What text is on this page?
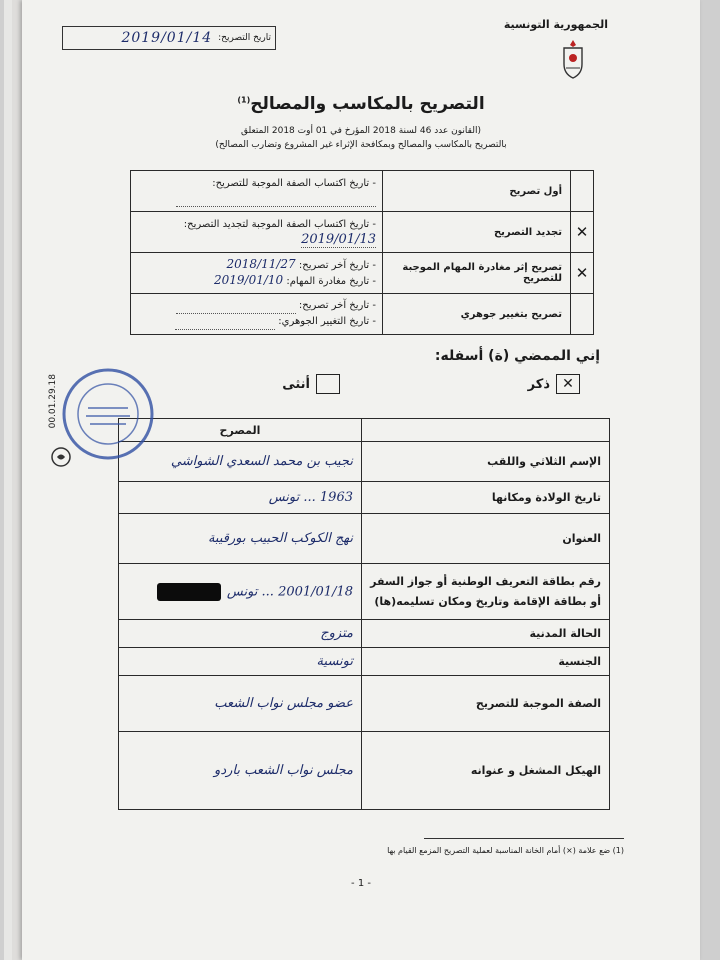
الجمهورية التونسية
تاريخ التصريح:
2019/01/14
التصريح بالمكاسب والمصالح$^{(1)}$
(القانون عدد 46 لسنة 2018 المؤرخ في 01 أوت 2018 المتعلق
بالتصريح بالمكاسب والمصالح وبمكافحة الإثراء غير المشروع وتضارب المصالح)
	أول تصريح	- تاريخ اكتساب الصفة الموجبة للتصريح:

✕	تجديد التصريح	- تاريخ اكتساب الصفة الموجبة لتجديد التصريح:
2019/01/13
✕	تصريح إثر مغادرة المهام الموجبة للتصريح	- تاريخ آخر تصريح: 2018/11/27
- تاريخ مغادرة المهام: 2019/01/10

	تصريح بتغيير جوهري	- تاريخ آخر تصريح:
- تاريخ التغيير الجوهري:
إني الممضي (ة) أسفله:
✕
ذكر
أنثى
	المصرح
الإسم الثلاثي واللقب	نجيب بن محمد السعدي الشواشي
تاريخ الولادة ومكانها	1963 ... تونس
العنوان	نهج الكوكب الحبيب بورقيبة
رقم بطاقة التعريف الوطنية أو جواز السفر أو بطاقة الإقامة وتاريخ ومكان تسليمه(ها)	2001/01/18 ... تونس
الحالة المدنية	متزوج
الجنسية	تونسية
الصفة الموجبة للتصريح	عضو مجلس نواب الشعب
الهيكل المشغل و عنوانه	مجلس نواب الشعب باردو
00.01.29.18
(1) ضع علامة (×) أمام الخانة المناسبة لعملية التصريح المزمع القيام بها
- 1 -
